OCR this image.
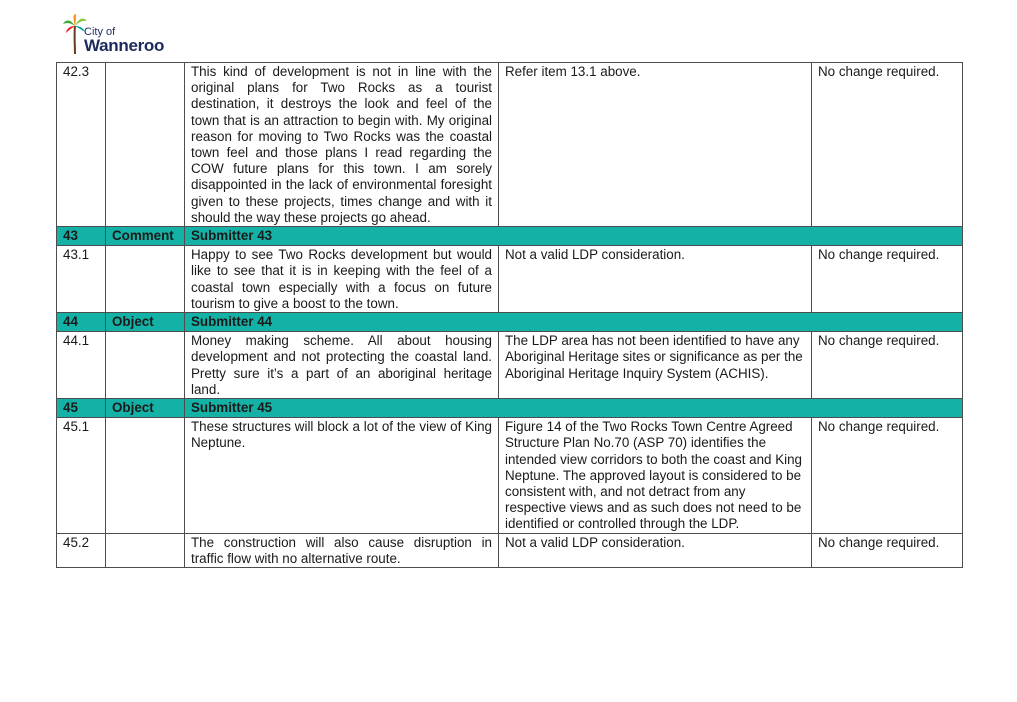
City of
Wanneroo
42.3		This kind of development is not in line with the original plans for Two Rocks as a tourist destination, it destroys the look and feel of the town that is an attraction to begin with. My original reason for moving to Two Rocks was the coastal town feel and those plans I read regarding the COW future plans for this town. I am sorely disappointed in the lack of environmental foresight given to these projects, times change and with it should the way these projects go ahead.	Refer item 13.1 above.	No change required.
43	Comment	Submitter 43		
43.1		Happy to see Two Rocks development but would like to see that it is in keeping with the feel of a coastal town especially with a focus on future tourism to give a boost to the town.	Not a valid LDP consideration.	No change required.
44	Object	Submitter 44		
44.1		Money making scheme. All about housing development and not protecting the coastal land. Pretty sure it’s a part of an aboriginal heritage land.	The LDP area has not been identified to have any Aboriginal Heritage sites or significance as per the Aboriginal Heritage Inquiry System (ACHIS).	No change required.
45	Object	Submitter 45		
45.1		These structures will block a lot of the view of King Neptune.	Figure 14 of the Two Rocks Town Centre Agreed Structure Plan No.70 (ASP 70) identifies the intended view corridors to both the coast and King Neptune. The approved layout is considered to be consistent with, and not detract from any respective views and as such does not need to be identified or controlled through the LDP.	No change required.
45.2		The construction will also cause disruption in traffic flow with no alternative route.	Not a valid LDP consideration.	No change required.
